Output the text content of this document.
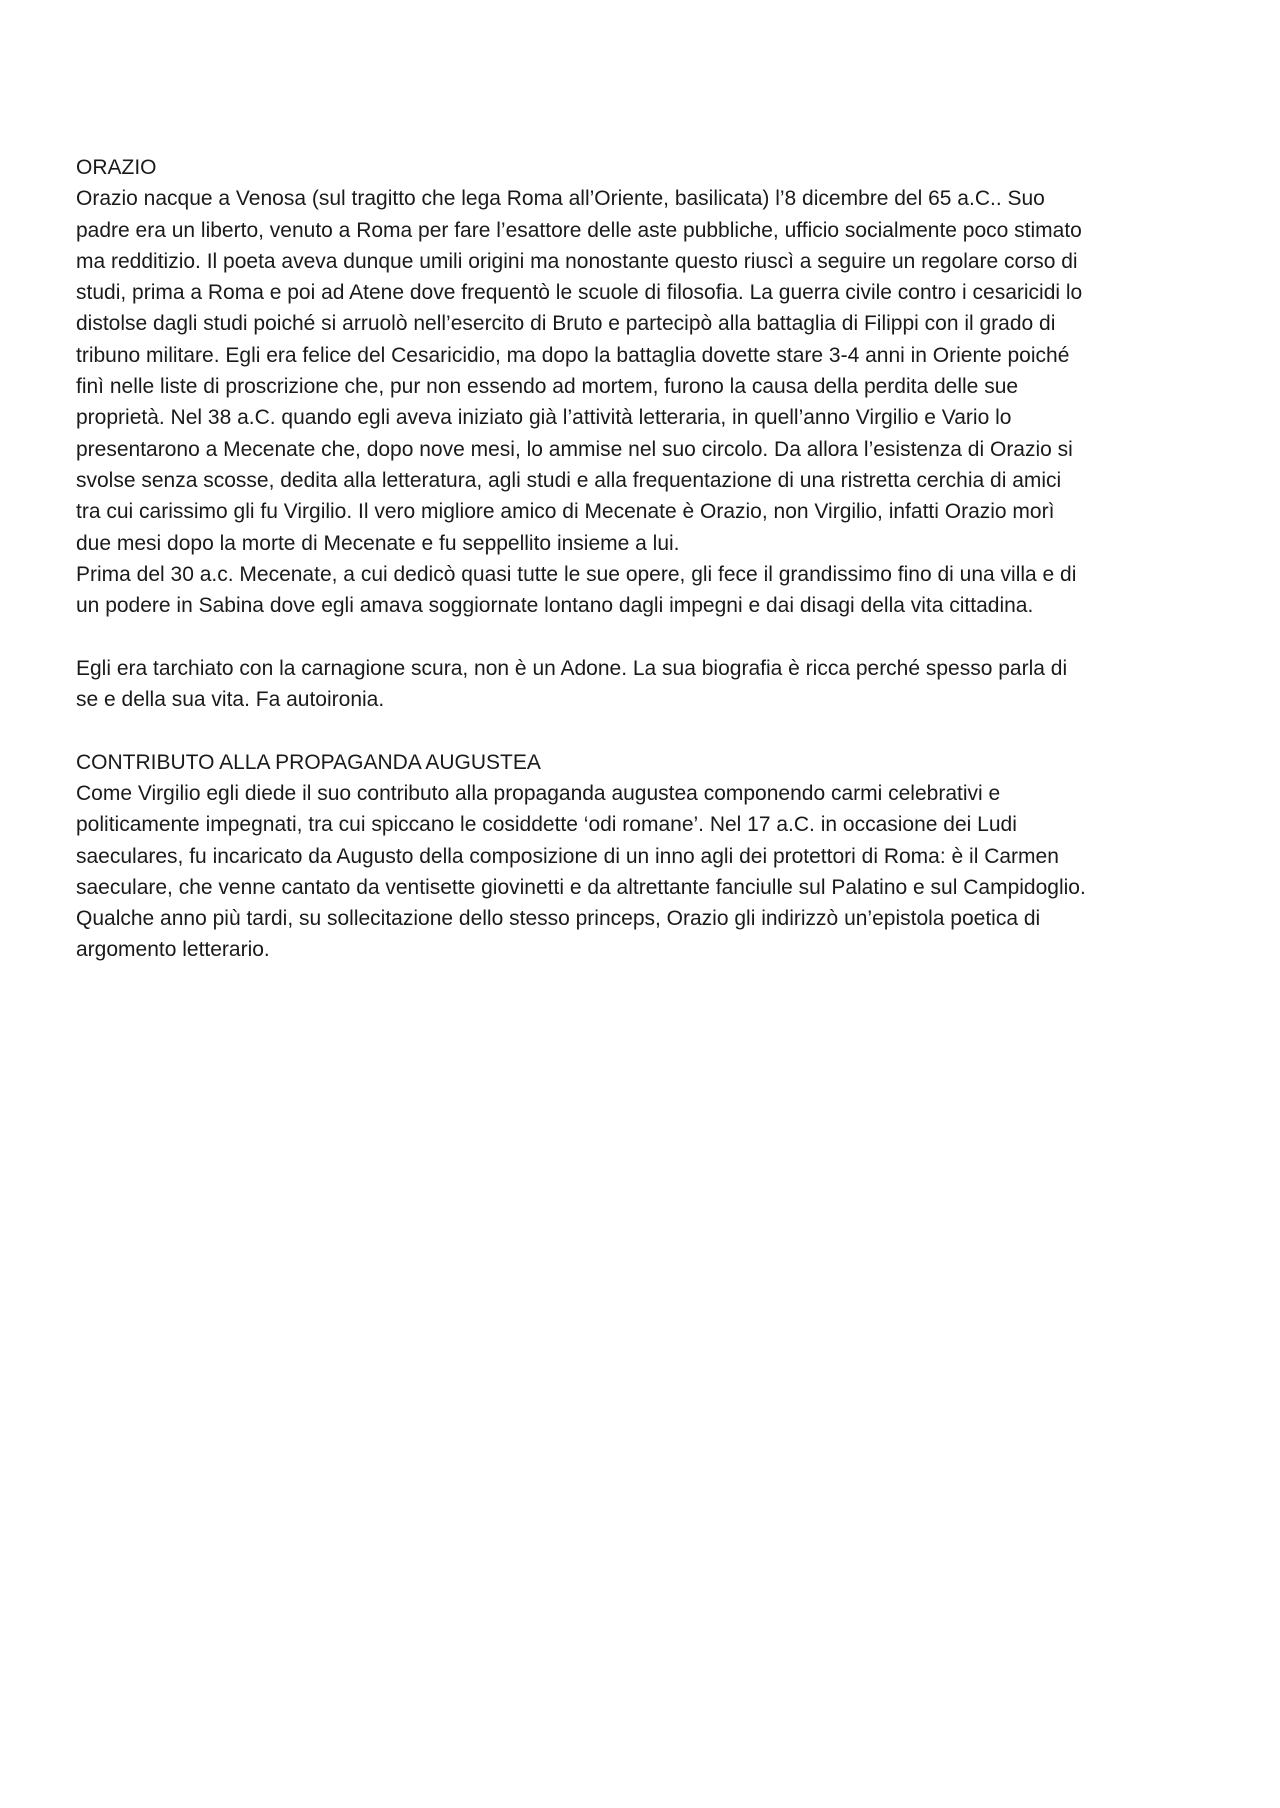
ORAZIO

Orazio nacque a Venosa (sul tragitto che lega Roma all’Oriente, basilicata) l’8 dicembre del 65 a.C.. Suo
padre era un liberto, venuto a Roma per fare l’esattore delle aste pubbliche, ufficio socialmente poco stimato
ma redditizio. Il poeta aveva dunque umili origini ma nonostante questo riuscì a seguire un regolare corso di
studi, prima a Roma e poi ad Atene dove frequentò le scuole di filosofia. La guerra civile contro i cesaricidi lo
distolse dagli studi poiché si arruolò nell’esercito di Bruto e partecipò alla battaglia di Filippi con il grado di
tribuno militare. Egli era felice del Cesaricidio, ma dopo la battaglia dovette stare 3-4 anni in Oriente poiché
finì nelle liste di proscrizione che, pur non essendo ad mortem, furono la causa della perdita delle sue
proprietà. Nel 38 a.C. quando egli aveva iniziato già l’attività letteraria, in quell’anno Virgilio e Vario lo
presentarono a Mecenate che, dopo nove mesi, lo ammise nel suo circolo. Da allora l’esistenza di Orazio si
svolse senza scosse, dedita alla letteratura, agli studi e alla frequentazione di una ristretta cerchia di amici
tra cui carissimo gli fu Virgilio. Il vero migliore amico di Mecenate è Orazio, non Virgilio, infatti Orazio morì
due mesi dopo la morte di Mecenate e fu seppellito insieme a lui.

Prima del 30 a.c. Mecenate, a cui dedicò quasi tutte le sue opere, gli fece il grandissimo fino di una villa e di
un podere in Sabina dove egli amava soggiornate lontano dagli impegni e dai disagi della vita cittadina.

Egli era tarchiato con la carnagione scura, non è un Adone. La sua biografia è ricca perché spesso parla di
se e della sua vita. Fa autoironia.

CONTRIBUTO ALLA PROPAGANDA AUGUSTEA

Come Virgilio egli diede il suo contributo alla propaganda augustea componendo carmi celebrativi e
politicamente impegnati, tra cui spiccano le cosiddette ‘odi romane’. Nel 17 a.C. in occasione dei Ludi
saeculares, fu incaricato da Augusto della composizione di un inno agli dei protettori di Roma: è il Carmen
saeculare, che venne cantato da ventisette giovinetti e da altrettante fanciulle sul Palatino e sul Campidoglio.
Qualche anno più tardi, su sollecitazione dello stesso princeps, Orazio gli indirizzò un’epistola poetica di
argomento letterario.
